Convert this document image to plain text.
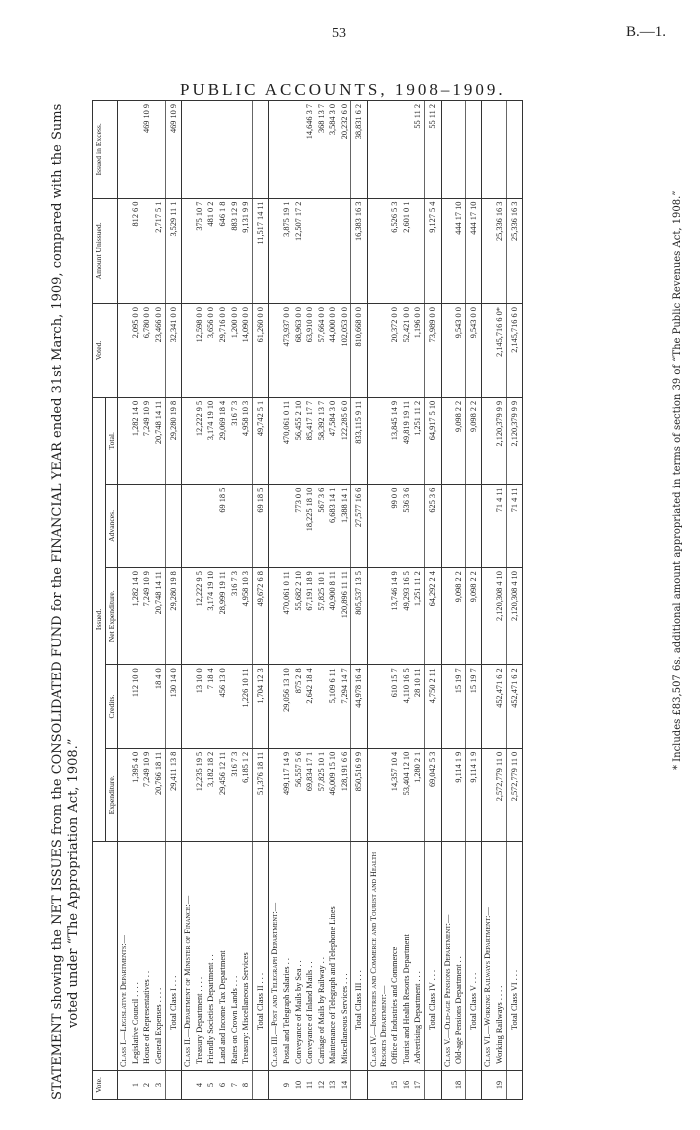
53	B.—1.
PUBLIC ACCOUNTS, 1908–1909.
STATEMENT showing the NET ISSUES from the CONSOLIDATED FUND for the FINANCIAL YEAR ended 31st March, 1909, compared with the Sums voted under “The Appropriation Act, 1908.”
Vote.		Issued.					Voted.	Amount Unissued.	Issued in Excess.
		Expenditure.	Credits.	Net Expenditure.	Advances.	Total.			
	Class I.—Legislative Departments:—								
1	Legislative Council . . . .	1,395 4 0	112 10 0	1,282 14 0		1,282 14 0	2,095 0 0	812 6 0	
2	House of Representatives . .	7,249 10 9		7,249 10 9		7,249 10 9	6,780 0 0		469 10 9
3	General Expenses . . . .	20,766 18 11	18 4 0	20,748 14 11		20,748 14 11	23,466 0 0	2,717 5 1	
	Total Class I . . .	29,411 13 8	130 14 0	29,280 19 8		29,280 19 8	32,341 0 0	3,529 11 1	469 10 9
	Class II.—Department of Minister of Finance:—								
4	Treasury Department . . . .	12,235 19 5	13 10 0	12,222 9 5		12,222 9 5	12,598 0 0	375 10 7	
5	Friendly Societies Department . .	3,182 18 2	7 18 4	3,174 19 10		3,174 19 10	3,656 0 0	481 0 2	
6	Land and Income Tax Department	29,456 12 11	456 13 0	28,999 19 11	69 18 5	29,069 18 4	29,716 0 0	646 1 8	
7	Rates on Crown Lands . . .	316 7 3		316 7 3		316 7 3	1,200 0 0	883 12 9	
8	Treasury: Miscellaneous Services	6,185 1 2	1,226 10 11	4,958 10 3		4,958 10 3	14,090 0 0	9,131 9 9	
	Total Class II . . .	51,376 18 11	1,704 12 3	49,672 6 8	69 18 5	49,742 5 1	61,260 0 0	11,517 14 11	
	Class III.—Post and Telegraph Department:—								
9	Postal and Telegraph Salaries . .	499,117 14 9	29,056 13 10	470,061 0 11		470,061 0 11	473,937 0 0	3,875 19 1	
10	Conveyance of Mails by Sea . .	56,557 5 6	875 2 8	55,682 2 10	773 0 0	56,455 2 10	68,963 0 0	12,507 17 2	
11	Conveyance of Inland Mails . .	69,834 17 1	2,642 18 4	67,191 18 9	18,225 18 10	85,417 17 7	63,910 0 0		14,646 3 7
12	Carriage of Mails by Railway . .	57,825 10 1		57,825 10 1	567 3 6	58,392 13 7	57,664 0 0		368 13 7
13	Maintenance of Telegraph and Telephone Lines	46,009 15 10	5,109 6 11	40,900 8 11	6,683 14 1	47,584 3 0	44,000 0 0		3,584 3 0
14	Miscellaneous Services . . .	128,191 6 6	7,294 14 7	120,896 11 11	1,388 14 1	122,285 6 0	102,053 0 0		20,232 6 0
	Total Class III . . .	850,516 9 9	44,978 16 4	805,537 13 5	27,577 16 6	833,115 9 11	810,668 0 0	16,383 16 3	38,831 6 2
	Class IV.—Industries and Commerce and Tourist and Health Resorts Department:—								
15	Office of Industries and Commerce	14,357 10 4	610 15 7	13,746 14 9	99 0 0	13,845 14 9	20,372 0 0	6,526 5 3	
16	Tourist and Health Resorts Department	53,404 12 10	4,110 16 5	49,293 16 5	536 3 6	49,819 19 11	52,421 0 0	2,601 0 1	
17	Advertising Department . . .	1,280 2 1	28 10 11	1,251 11 2		1,251 11 2	1,196 0 0		55 11 2
	Total Class IV . . .	69,042 5 3	4,750 2 11	64,292 2 4	625 3 6	64,917 5 10	73,989 0 0	9,127 5 4	55 11 2
	Class V.—Old-age Pensions Department:—								
18	Old-age Pensions Department . .	9,114 1 9	15 19 7	9,098 2 2		9,098 2 2	9,543 0 0	444 17 10	
	Total Class V . . .	9,114 1 9	15 19 7	9,098 2 2		9,098 2 2	9,543 0 0	444 17 10	
	Class VI.—Working Railways Department:—								
19	Working Railways . . . .	2,572,779 11 0	452,471 6 2	2,120,308 4 10	71 4 11	2,120,379 9 9	2,145,716 6 0*	25,336 16 3	
	Total Class VI . . .	2,572,779 11 0	452,471 6 2	2,120,308 4 10	71 4 11	2,120,379 9 9	2,145,716 6 0	25,336 16 3		* Includes £83,507 6s. additional amount appropriated in terms of section 39 of “The Public Revenues Act, 1908.”
